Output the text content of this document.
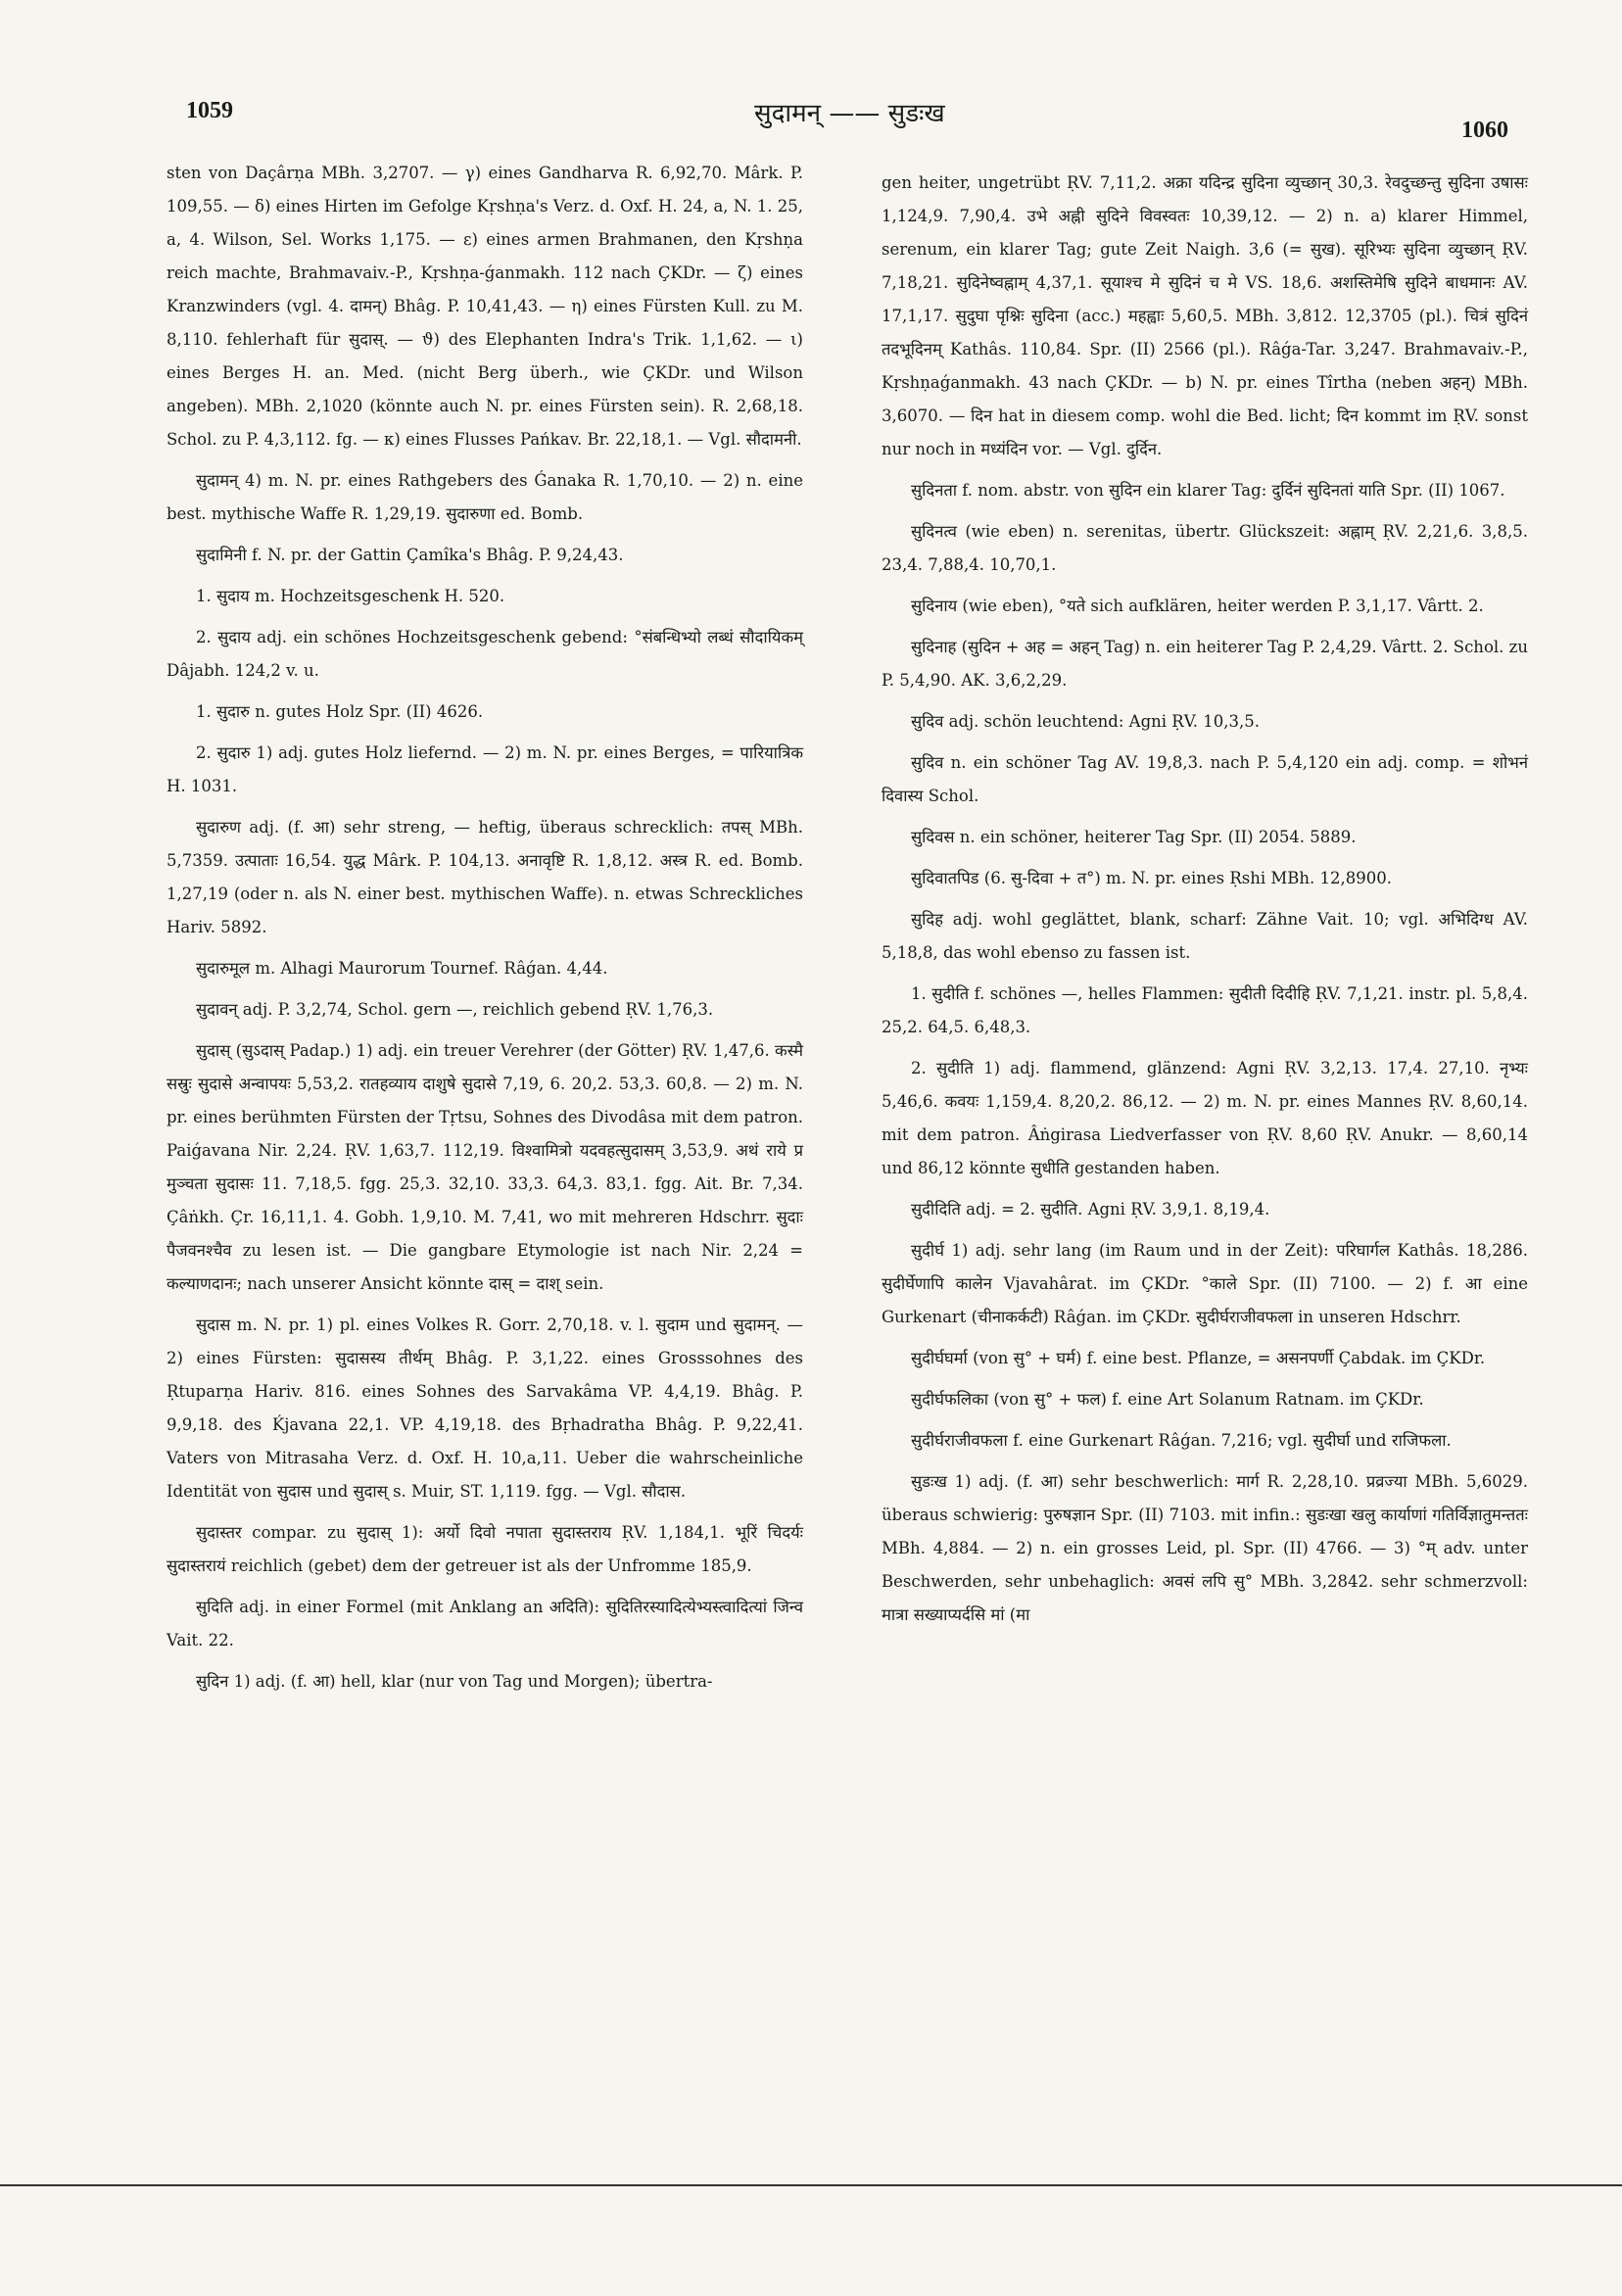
1059	सुदामन् —— सुडःख
1060

sten von Daçârṇa MBh. 3,2707. — γ) eines Gandharva R. 6,92,70. Mârk. P. 109,55. — δ) eines Hirten im Gefolge Kṛshṇa's Verz. d. Oxf. H. 24, a, N. 1. 25, a, 4. Wilson, Sel. Works 1,175. — ε) eines armen Brahmanen, den Kṛshṇa reich machte, Brahmavaiv.-P., Kṛshṇa-ǵanmakh. 112 nach ÇKDr. — ζ) eines Kranzwinders (vgl. 4. दामन्) Bhâg. P. 10,41,43. — η) eines Fürsten Kull. zu M. 8,110. fehlerhaft für सुदास्. — ϑ) des Elephanten Indra's Trik. 1,1,62. — ι) eines Berges H. an. Med. (nicht Berg überh., wie ÇKDr. und Wilson angeben). MBh. 2,1020 (könnte auch N. pr. eines Fürsten sein). R. 2,68,18. Schol. zu P. 4,3,112. fg. — κ) eines Flusses Pańkav. Br. 22,18,1. — Vgl. सौदामनी.

सुदामन् 4) m. N. pr. eines Rathgebers des Ǵanaka R. 1,70,10. — 2) n. eine best. mythische Waffe R. 1,29,19. सुदारुणा ed. Bomb.

सुदामिनी f. N. pr. der Gattin Çamîka's Bhâg. P. 9,24,43.

1. सुदाय m. Hochzeitsgeschenk H. 520.

2. सुदाय adj. ein schönes Hochzeitsgeschenk gebend: °संबन्धिभ्यो लब्धं सौदायिकम् Dâjabh. 124,2 v. u.

1. सुदारु n. gutes Holz Spr. (II) 4626.

2. सुदारु 1) adj. gutes Holz liefernd. — 2) m. N. pr. eines Berges, = पारियात्रिक H. 1031.

सुदारुण adj. (f. आ) sehr streng, — heftig, überaus schrecklich: तपस् MBh. 5,7359. उत्पाताः 16,54. युद्ध Mârk. P. 104,13. अनावृष्टि R. 1,8,12. अस्त्र R. ed. Bomb. 1,27,19 (oder n. als N. einer best. mythischen Waffe). n. etwas Schreckliches Hariv. 5892.

सुदारुमूल m. Alhagi Maurorum Tournef. Râǵan. 4,44.

सुदावन् adj. P. 3,2,74, Schol. gern —, reichlich gebend ṚV. 1,76,3.

सुदास् (सुऽदास् Padap.) 1) adj. ein treuer Verehrer (der Götter) ṚV. 1,47,6. कस्मै सस्रुः सुदासे अन्वापयः 5,53,2. रातहव्याय दाशुषे सुदासे 7,19, 6. 20,2. 53,3. 60,8. — 2) m. N. pr. eines berühmten Fürsten der Tṛtsu, Sohnes des Divodâsa mit dem patron. Paiǵavana Nir. 2,24. ṚV. 1,63,7. 112,19. विश्वामित्रो यदवहत्सुदासम् 3,53,9. अथं राये प्र मुञ्चता सुदासः 11. 7,18,5. fgg. 25,3. 32,10. 33,3. 64,3. 83,1. fgg. Ait. Br. 7,34. Çâṅkh. Çr. 16,11,1. 4. Gobh. 1,9,10. M. 7,41, wo mit mehreren Hdschrr. सुदाः पैजवनश्चैव zu lesen ist. — Die gangbare Etymologie ist nach Nir. 2,24 = कल्याणदानः; nach unserer Ansicht könnte दास् = दाश् sein.

सुदास m. N. pr. 1) pl. eines Volkes R. Gorr. 2,70,18. v. l. सुदाम und सुदामन्. — 2) eines Fürsten: सुदासस्य तीर्थम् Bhâg. P. 3,1,22. eines Grosssohnes des Ṛtuparṇa Hariv. 816. eines Sohnes des Sarvakâma VP. 4,4,19. Bhâg. P. 9,9,18. des Ḱjavana 22,1. VP. 4,19,18. des Bṛhadratha Bhâg. P. 9,22,41. Vaters von Mitrasaha Verz. d. Oxf. H. 10,a,11. Ueber die wahrscheinliche Identität von सुदास und सुदास् s. Muir, ST. 1,119. fgg. — Vgl. सौदास.

सुदास्तर compar. zu सुदास् 1): अर्यो दिवो नपाता सुदास्तराय ṚV. 1,184,1. भूरिं चिदर्यः सुदास्तरायं reichlich (gebet) dem der getreuer ist als der Unfromme 185,9.

सुदिति adj. in einer Formel (mit Anklang an अदिति): सुदितिरस्यादित्येभ्यस्त्वादित्यां जिन्व Vait. 22.

सुदिन 1) adj. (f. आ) hell, klar (nur von Tag und Morgen); übertra-

gen heiter, ungetrübt ṚV. 7,11,2. अक्रा यदिन्द्र सुदिना व्युच्छान् 30,3. रेवदुच्छन्तु सुदिना उषासः 1,124,9. 7,90,4. उभे अह्नी सुदिने विवस्वतः 10,39,12. — 2) n. a) klarer Himmel, serenum, ein klarer Tag; gute Zeit Naigh. 3,6 (= सुख). सूरिभ्यः सुदिना व्युच्छान् ṚV. 7,18,21. सुदिनेष्वह्नाम् 4,37,1. सूयाश्च मे सुदिनं च मे VS. 18,6. अशस्तिमेषि सुदिने बाधमानः AV. 17,1,17. सुदुघा पृश्निः सुदिना (acc.) महह्वाः 5,60,5. MBh. 3,812. 12,3705 (pl.). चित्रं सुदिनं तदभूदिनम् Kathâs. 110,84. Spr. (II) 2566 (pl.). Râǵa-Tar. 3,247. Brahmavaiv.-P., Kṛshṇaǵanmakh. 43 nach ÇKDr. — b) N. pr. eines Tîrtha (neben अहन्) MBh. 3,6070. — दिन hat in diesem comp. wohl die Bed. licht; दिन kommt im ṚV. sonst nur noch in मध्यंदिन vor. — Vgl. दुर्दिन.

सुदिनता f. nom. abstr. von सुदिन ein klarer Tag: दुर्दिनं सुदिनतां याति Spr. (II) 1067.

सुदिनत्व (wie eben) n. serenitas, übertr. Glückszeit: अह्नाम् ṚV. 2,21,6. 3,8,5. 23,4. 7,88,4. 10,70,1.

सुदिनाय (wie eben), °यते sich aufklären, heiter werden P. 3,1,17. Vârtt. 2.

सुदिनाह (सुदिन + अह = अहन् Tag) n. ein heiterer Tag P. 2,4,29. Vârtt. 2. Schol. zu P. 5,4,90. AK. 3,6,2,29.

सुदिव adj. schön leuchtend: Agni ṚV. 10,3,5.

सुदिव n. ein schöner Tag AV. 19,8,3. nach P. 5,4,120 ein adj. comp. = शोभनं दिवास्य Schol.

सुदिवस n. ein schöner, heiterer Tag Spr. (II) 2054. 5889.

सुदिवातपिड (6. सु-दिवा + त°) m. N. pr. eines Ṛshi MBh. 12,8900.

सुदिह adj. wohl geglättet, blank, scharf: Zähne Vait. 10; vgl. अभिदिग्ध AV. 5,18,8, das wohl ebenso zu fassen ist.

1. सुदीति f. schönes —, helles Flammen: सुदीती दिदीहि ṚV. 7,1,21. instr. pl. 5,8,4. 25,2. 64,5. 6,48,3.

2. सुदीति 1) adj. flammend, glänzend: Agni ṚV. 3,2,13. 17,4. 27,10. नृभ्यः 5,46,6. कवयः 1,159,4. 8,20,2. 86,12. — 2) m. N. pr. eines Mannes ṚV. 8,60,14. mit dem patron. Âṅgirasa Liedverfasser von ṚV. 8,60 ṚV. Anukr. — 8,60,14 und 86,12 könnte सुधीति gestanden haben.

सुदीदिति adj. = 2. सुदीति. Agni ṚV. 3,9,1. 8,19,4.

सुदीर्घ 1) adj. sehr lang (im Raum und in der Zeit): परिघार्गल Kathâs. 18,286. सुदीर्घेणापि कालेन Vjavahârat. im ÇKDr. °काले Spr. (II) 7100. — 2) f. आ eine Gurkenart (चीनाकर्कटी) Râǵan. im ÇKDr. सुदीर्घराजीवफला in unseren Hdschrr.

सुदीर्घघर्मा (von सु° + घर्म) f. eine best. Pflanze, = असनपर्णी Çabdak. im ÇKDr.

सुदीर्घफलिका (von सु° + फल) f. eine Art Solanum Ratnam. im ÇKDr.

सुदीर्घराजीवफला f. eine Gurkenart Râǵan. 7,216; vgl. सुदीर्घा und राजिफला.

सुडःख 1) adj. (f. आ) sehr beschwerlich: मार्ग R. 2,28,10. प्रव्रज्या MBh. 5,6029. überaus schwierig: पुरुषज्ञान Spr. (II) 7103. mit infin.: सुडःखा खलु कार्याणां गतिर्विज्ञातुमन्ततः MBh. 4,884. — 2) n. ein grosses Leid, pl. Spr. (II) 4766. — 3) °म् adv. unter Beschwerden, sehr unbehaglich: अवसं लपि सु° MBh. 3,2842. sehr schmerzvoll: मात्रा सख्याप्यर्दसि मां (मा
